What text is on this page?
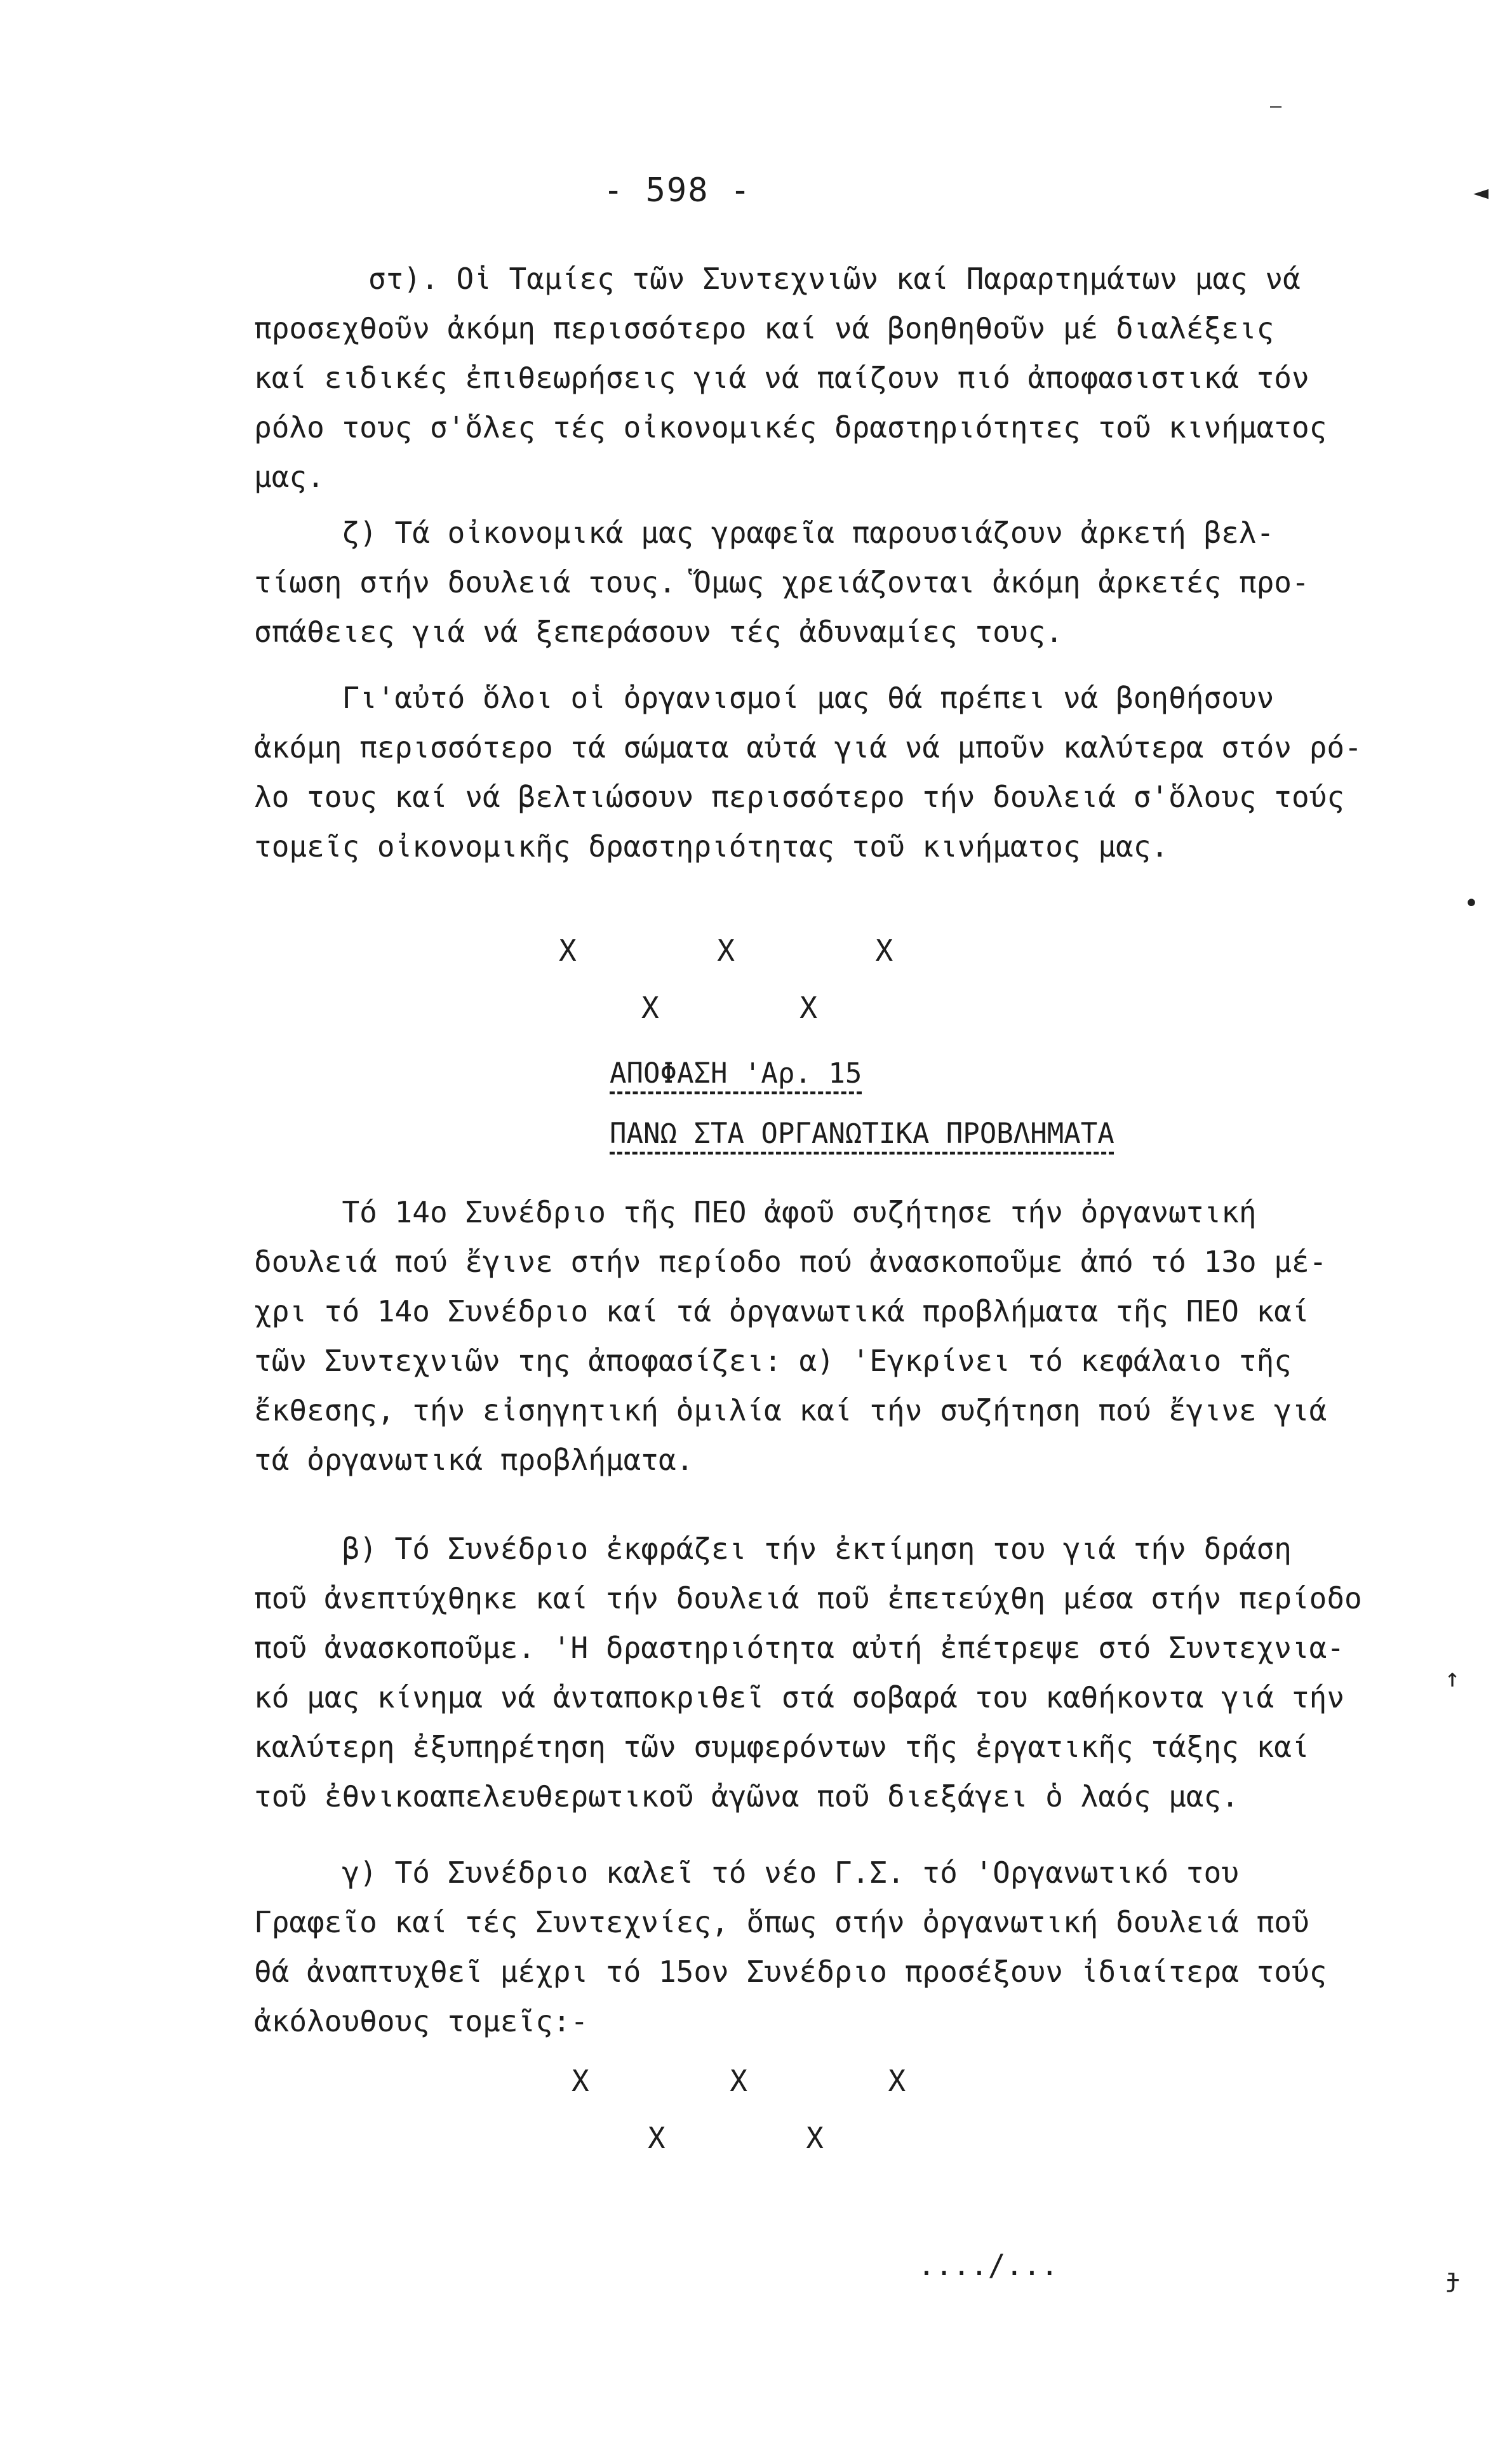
- 598 -

στ). Οἱ Ταμίες τῶν Συντεχνιῶν καί Παραρτημάτων μας νά
προσεχθοῦν ἀκόμη περισσότερο καί νά βοηθηθοῦν μέ διαλέξεις
καί ειδικές ἐπιθεωρήσεις γιά νά παίζουν πιό ἀποφασιστικά τόν
ρόλο τους σ'ὅλες τές οἰκονομικές δραστηριότητες τοῦ κινήματος
μας.

ζ) Τά οἰκονομικά μας γραφεῖα παρουσιάζουν ἀρκετή βελ-
τίωση στήν δουλειά τους. Ὅμως χρειάζονται ἀκόμη ἀρκετές προ-
σπάθειες γιά νά ξεπεράσουν τές ἀδυναμίες τους.

Γι'αὐτό ὅλοι οἱ ὀργανισμοί μας θά πρέπει νά βοηθήσουν
ἀκόμη περισσότερο τά σώματα αὐτά γιά νά μποῦν καλύτερα στόν ρό-
λο τους καί νά βελτιώσουν περισσότερο τήν δουλειά σ'ὅλους τούς
τομεῖς οἰκονομικῆς δραστηριότητας τοῦ κινήματος μας.

X        X        X
X        X
ΑΠΟΦΑΣΗ 'Αρ. 15
ΠΑΝΩ ΣΤΑ ΟΡΓΑΝΩΤΙΚΑ ΠΡΟΒΛΗΜΑΤΑ

Τό 14ο Συνέδριο τῆς ΠΕΟ ἀφοῦ συζήτησε τήν ὀργανωτική
δουλειά πού ἔγινε στήν περίοδο πού ἀνασκοποῦμε ἀπό τό 13ο μέ-
χρι τό 14ο Συνέδριο καί τά ὀργανωτικά προβλήματα τῆς ΠΕΟ καί
τῶν Συντεχνιῶν της ἀποφασίζει: α) 'Εγκρίνει τό κεφάλαιο τῆς
ἔκθεσης, τήν εἰσηγητική ὁμιλία καί τήν συζήτηση πού ἔγινε γιά
τά ὀργανωτικά προβλήματα.

β) Τό Συνέδριο ἐκφράζει τήν ἐκτίμηση του γιά τήν δράση
ποῦ ἀνεπτύχθηκε καί τήν δουλειά ποῦ ἐπετεύχθη μέσα στήν περίοδο
ποῦ ἀνασκοποῦμε. 'Η δραστηριότητα αὐτή ἐπέτρεψε στό Συντεχνια-
κό μας κίνημα νά ἀνταποκριθεῖ στά σοβαρά του καθήκοντα γιά τήν
καλύτερη ἐξυπηρέτηση τῶν συμφερόντων τῆς ἐργατικῆς τάξης καί
τοῦ ἐθνικοαπελευθερωτικοῦ ἀγῶνα ποῦ διεξάγει ὁ λαός μας.

γ) Τό Συνέδριο καλεῖ τό νέο Γ.Σ. τό 'Οργανωτικό του
Γραφεῖο καί τές Συντεχνίες, ὅπως στήν ὀργανωτική δουλειά ποῦ
θά ἀναπτυχθεῖ μέχρι τό 15ον Συνέδριο προσέξουν ἰδιαίτερα τούς
ἀκόλουθους τομεῖς:-

X        X        X
X        X
..../...
◄
•
↑
ɟ
—
